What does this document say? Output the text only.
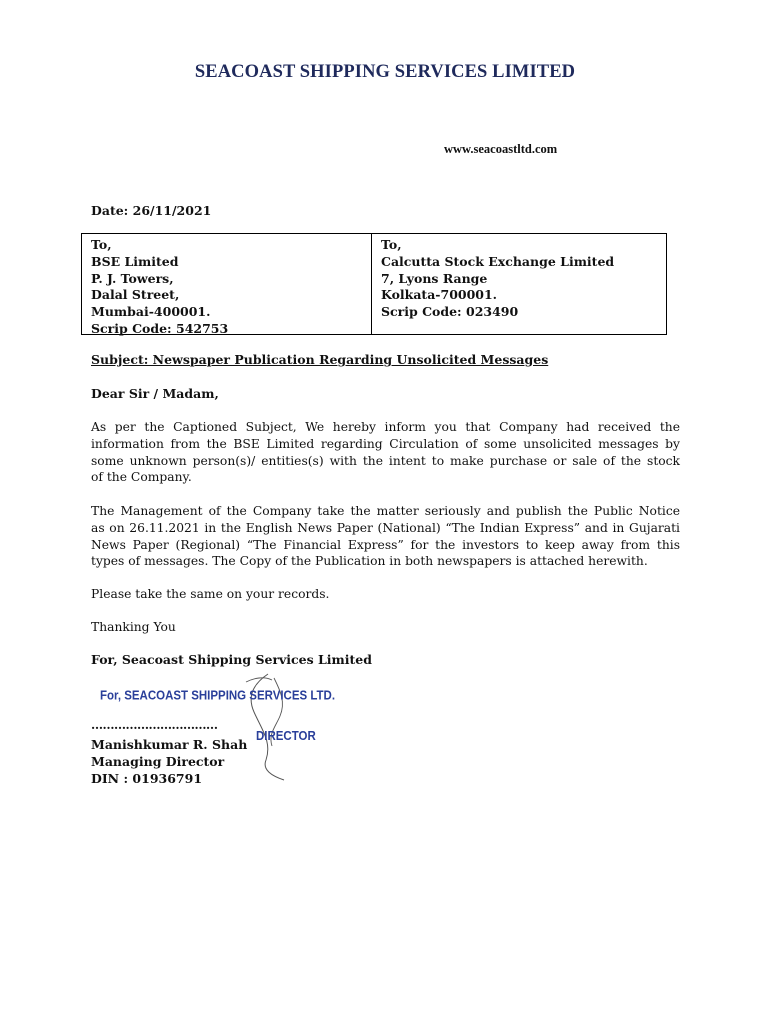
SEACOAST SHIPPING SERVICES LIMITED
www.seacoastltd.com
Date: 26/11/2021
To,
BSE Limited
P. J. Towers,
Dalal Street,
Mumbai-400001.
Scrip Code: 542753
To,
Calcutta Stock Exchange Limited
7, Lyons Range
Kolkata-700001.
Scrip Code: 023490
Subject: Newspaper Publication Regarding Unsolicited Messages
Dear Sir / Madam,
As per the Captioned Subject, We hereby inform you that Company had received the
information from the BSE Limited regarding Circulation of some unsolicited messages by
some unknown person(s)/ entities(s) with the intent to make purchase or sale of the stock
of the Company.
The Management of the Company take the matter seriously and publish the Public Notice
as on 26.11.2021 in the English News Paper (National) “The Indian Express” and in Gujarati
News Paper (Regional) “The Financial Express” for the investors to keep away from this
types of messages. The Copy of the Publication in both newspapers is attached herewith.
Please take the same on your records.
Thanking You
For, Seacoast Shipping Services Limited
For, SEACOAST SHIPPING SERVICES LTD.
DIRECTOR
……………………………
Manishkumar R. Shah
Managing Director
DIN : 01936791
